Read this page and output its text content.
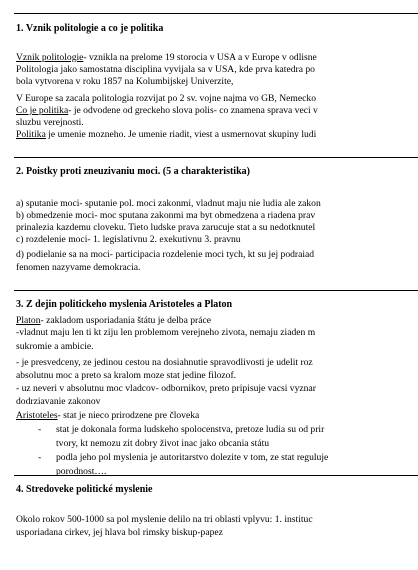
1. Vznik politologie a co je politika
Vznik politologie- vznikla na prelome 19 storocia v USA a v Europe v odlisne
Politologia jako samostatna disciplina vyvijala sa v USA, kde prva katedra po
bola vytvorena v roku 1857 na Kolumbijskej Univerzite,
V Europe sa zacala politologia rozvijat po 2 sv. vojne najma vo GB, Nemecko
Co je politika- je odvodene od greckeho slova polis- co znamena sprava veci v
sluzbu verejnosti.
Politika je umenie mozneho. Je umenie riadit, viest a usmernovat skupiny ludi
2. Poistky proti zneuzivaniu moci. (5 a charakteristika)
a) sputanie moci- sputanie pol. moci zakonmi, vladnut maju nie ludia ale zakon
b) obmedzenie moci- moc sputana zakonmi ma byt obmedzena a riadena prav
prinalezia kazdemu cloveku. Tieto ludske prava zarucuje stat a su nedotknutel
c) rozdelenie moci- 1. legislativnu 2. exekutivnu 3. pravnu
d) podielanie sa na moci- participacia rozdelenie moci tych, kt su jej podraiad
fenomen nazyvame demokracia.
3. Z dejin politickeho myslenia Aristoteles a Platon
Platon- zakladom usporiadania štátu je delba práce
-vladnut maju len ti kt ziju len problemom verejneho zivota, nemaju ziaden m
sukromie a ambicie.
- je presvedceny, ze jedinou cestou na dosiahnutie spravodlivosti je udelit roz
absolutnu moc a preto sa kralom moze stat jedine filozof.
- uz neveri v absolutnu moc vladcov- odbornikov, preto pripisuje vacsi vyznar
dodrziavanie zakonov
Aristoteles- stat je nieco prirodzene pre človeka
- stat je dokonala forma ludskeho spolocenstva, pretoze ludia su od prir
tvory, kt nemozu zit dobry život inac jako obcania státu
- podla jeho pol myslenia je autoritarstvo dolezite v tom, ze stat reguluje
porodnost….
4. Stredoveke politické myslenie
Okolo rokov 500-1000 sa pol myslenie delilo na tri oblasti vplyvu: 1. instituc
usporiadana cirkev, jej hlava bol rimsky biskup-papez
